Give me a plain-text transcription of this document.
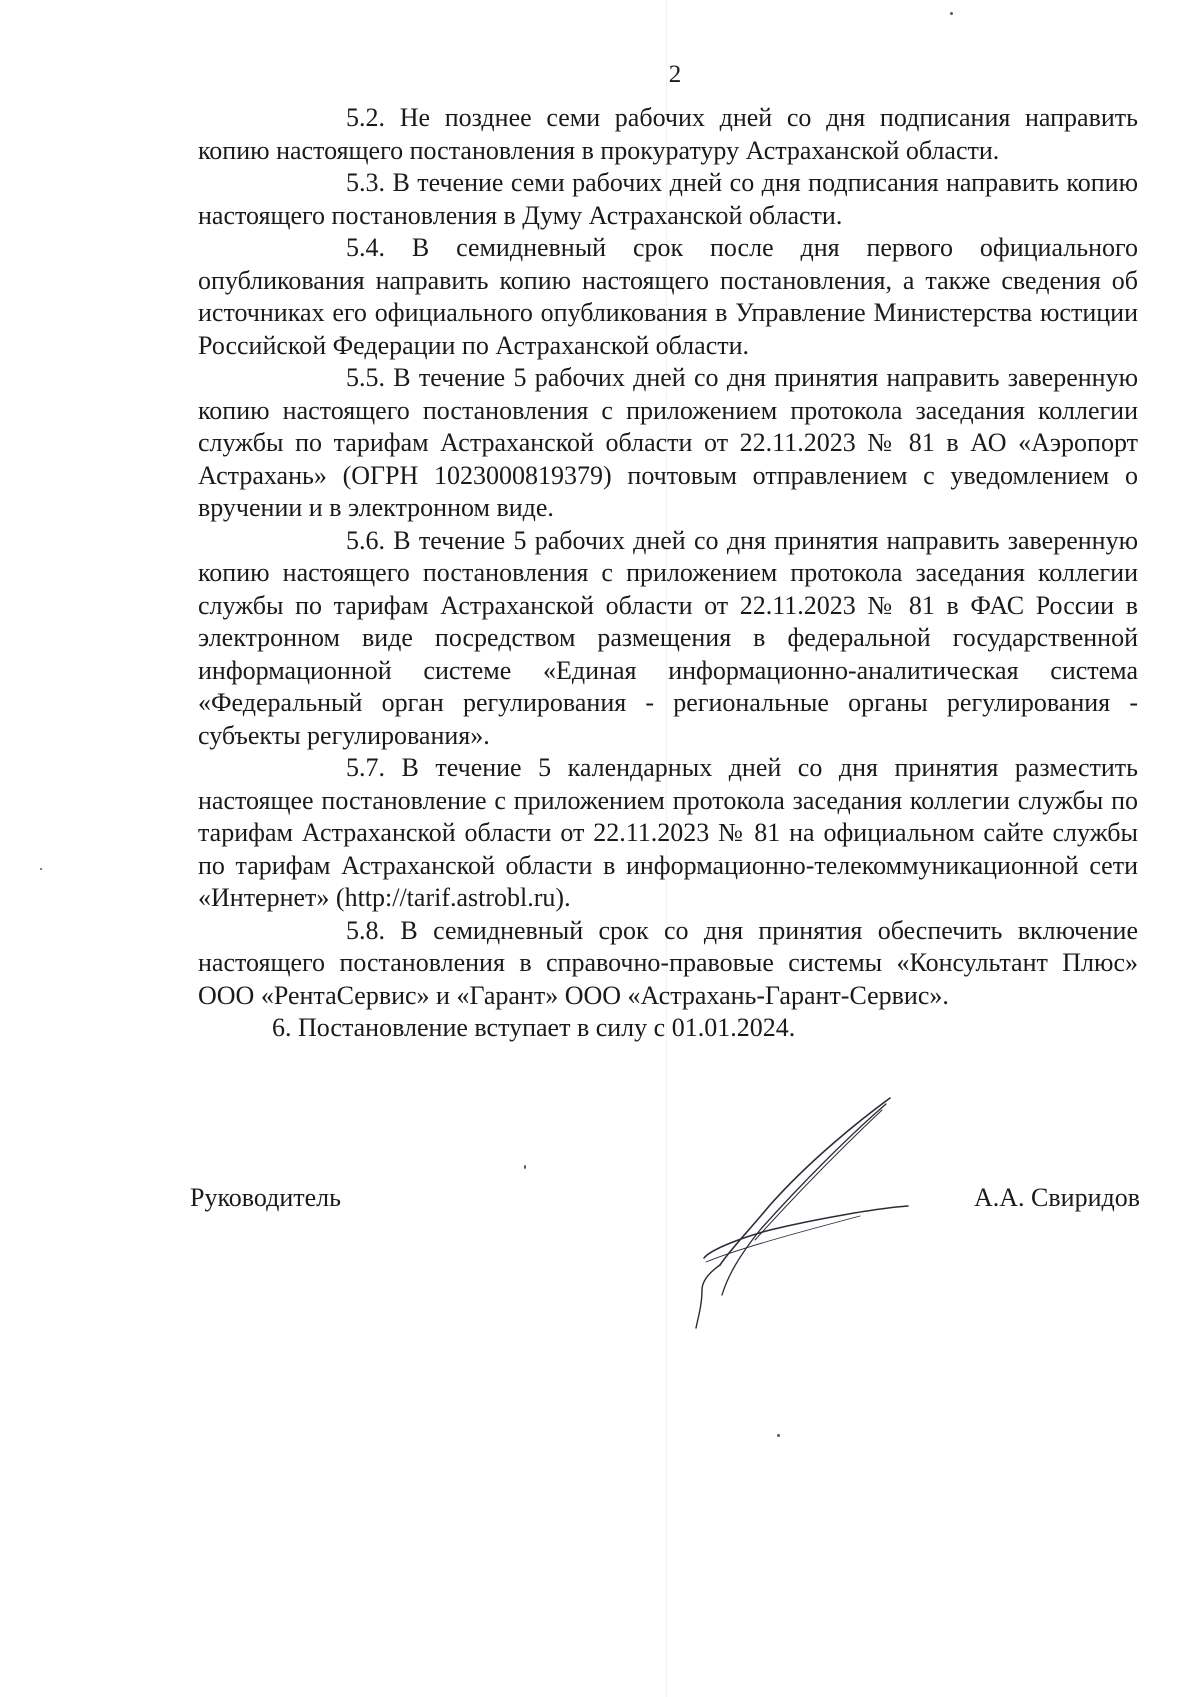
2

5.2. Не позднее семи рабочих дней со дня подписания направить копию настоящего постановления в прокуратуру Астраханской области.

5.3. В течение семи рабочих дней со дня подписания направить копию настоящего постановления в Думу Астраханской области.

5.4. В семидневный срок после дня первого официального опубликования направить копию настоящего постановления, а также сведения об источниках его официального опубликования в Управление Министерства юстиции Российской Федерации по Астраханской области.

5.5. В течение 5 рабочих дней со дня принятия направить заверенную копию настоящего постановления с приложением протокола заседания коллегии службы по тарифам Астраханской области от 22.11.2023 № 81 в АО «Аэропорт Астрахань» (ОГРН 1023000819379) почтовым отправлением с уведомлением о вручении и в электронном виде.

5.6. В течение 5 рабочих дней со дня принятия направить заверенную копию настоящего постановления с приложением протокола заседания коллегии службы по тарифам Астраханской области от 22.11.2023 № 81 в ФАС России в электронном виде посредством размещения в федеральной государственной информационной системе «Единая информационно-аналитическая система «Федеральный орган регулирования - региональные органы регулирования - субъекты регулирования».

5.7. В течение 5 календарных дней со дня принятия разместить настоящее постановление с приложением протокола заседания коллегии службы по тарифам Астраханской области от 22.11.2023 № 81 на официальном сайте службы по тарифам Астраханской области в информационно-телекоммуникационной сети «Интернет» (http://tarif.astrobl.ru).

5.8. В семидневный срок со дня принятия обеспечить включение настоящего постановления в справочно-правовые системы «Консультант Плюс» ООО «РентаСервис» и «Гарант» ООО «Астрахань-Гарант-Сервис».

6. Постановление вступает в силу с 01.01.2024.

Руководитель	А.А. Свиридов
